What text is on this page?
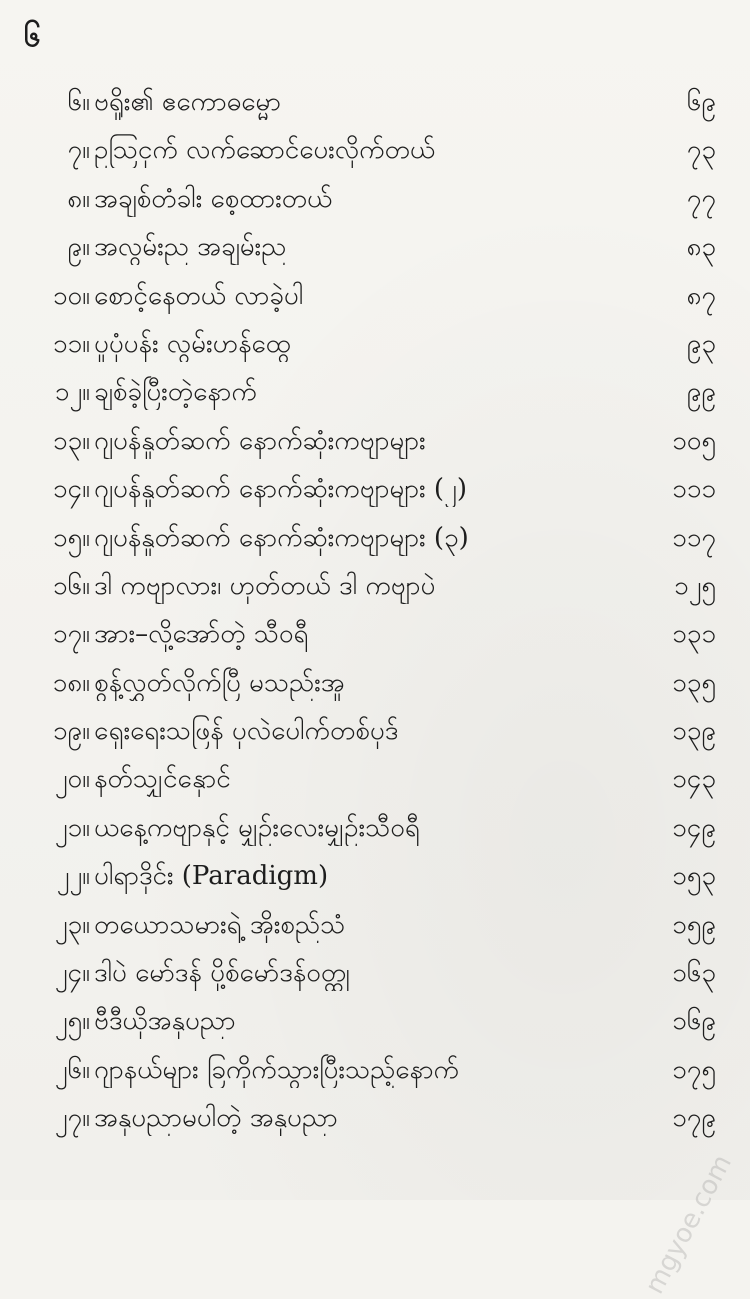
၆
၆။ ဗရှိုး၏ ဧကောဓမ္မော	၆၉
၇။ ဥသြငှက် လက်ဆောင်ပေးလိုက်တယ်	၇၃
၈။ အချစ်တံခါး စေ့ထားတယ်	၇၇
၉။ အလွမ်းည အချမ်းည	၈၃
၁၀။ စောင့်နေတယ် လာခဲ့ပါ	၈၇
၁၁။ ပူပုံပန်း လွမ်းဟန်ထွေ	၉၃
၁၂။ ချစ်ခဲ့ပြီးတဲ့နောက်	၉၉
၁၃။ ဂျပန်နှုတ်ဆက် နောက်ဆုံးကဗျာများ	၁၀၅
၁၄။ ဂျပန်နှုတ်ဆက် နောက်ဆုံးကဗျာများ (၂)	၁၁၁
၁၅။ ဂျပန်နှုတ်ဆက် နောက်ဆုံးကဗျာများ (၃)	၁၁၇
၁၆။ ဒါ ကဗျာလား၊ ဟုတ်တယ် ဒါ ကဗျာပဲ	၁၂၅
၁၇။ အား–လို့အော်တဲ့ သီဝရီ	၁၃၁
၁၈။ စွန့်လွှတ်လိုက်ပြီ မသည်းအူ	၁၃၅
၁၉။ ရှေးရေးသဖြန် ပုလဲပေါက်တစ်ပုဒ်	၁၃၉
၂၀။ နတ်သျှင်နှောင်	၁၄၃
၂၁။ ယနေ့ကဗျာနှင့် မျှဉ်းလေးမျှဉ်းသီဝရီ	၁၄၉
၂၂။ ပါရာဒိုင်း (Paradigm)	၁၅၃
၂၃။ တယောသမားရဲ့ အိုးစည်သံ	၁၅၉
၂၄။ ဒါပဲ မော်ဒန် ပို့စ်မော်ဒန်ဝတ္ထု	၁၆၃
၂၅။ ဗီဒီယိုအနုပညာ	၁၆၉
၂၆။ ဂျာနယ်များ ခြကိုက်သွားပြီးသည့်နောက်	၁၇၅
၂၇။ အနုပညာမပါတဲ့ အနုပညာ	၁၇၉
mgyoe.com
